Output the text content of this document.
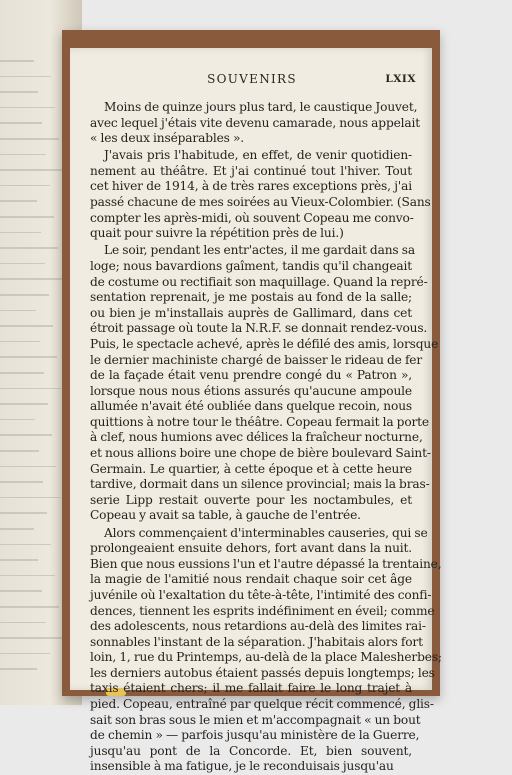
SOUVENIRS	LXIX
Moins de quinze jours plus tard, le caustique Jouvet,
avec lequel j'étais vite devenu camarade, nous appelait
« les deux inséparables ».
J'avais pris l'habitude, en effet, de venir quotidien-
nement au théâtre. Et j'ai continué tout l'hiver. Tout
cet hiver de 1914, à de très rares exceptions près, j'ai
passé chacune de mes soirées au Vieux-Colombier. (Sans
compter les après-midi, où souvent Copeau me convo-
quait pour suivre la répétition près de lui.)
Le soir, pendant les entr'actes, il me gardait dans sa
loge; nous bavardions gaîment, tandis qu'il changeait
de costume ou rectifiait son maquillage. Quand la repré-
sentation reprenait, je me postais au fond de la salle;
ou bien je m'installais auprès de Gallimard, dans cet
étroit passage où toute la N.R.F. se donnait rendez-vous.
Puis, le spectacle achevé, après le défilé des amis, lorsque
le dernier machiniste chargé de baisser le rideau de fer
de la façade était venu prendre congé du « Patron »,
lorsque nous nous étions assurés qu'aucune ampoule
allumée n'avait été oubliée dans quelque recoin, nous
quittions à notre tour le théâtre. Copeau fermait la porte
à clef, nous humions avec délices la fraîcheur nocturne,
et nous allions boire une chope de bière boulevard Saint-
Germain. Le quartier, à cette époque et à cette heure
tardive, dormait dans un silence provincial; mais la bras-
serie Lipp restait ouverte pour les noctambules, et
Copeau y avait sa table, à gauche de l'entrée.
Alors commençaient d'interminables causeries, qui se
prolongeaient ensuite dehors, fort avant dans la nuit.
Bien que nous eussions l'un et l'autre dépassé la trentaine,
la magie de l'amitié nous rendait chaque soir cet âge
juvénile où l'exaltation du tête-à-tête, l'intimité des confi-
dences, tiennent les esprits indéfiniment en éveil; comme
des adolescents, nous retardions au-delà des limites rai-
sonnables l'instant de la séparation. J'habitais alors fort
loin, 1, rue du Printemps, au-delà de la place Malesherbes;
les derniers autobus étaient passés depuis longtemps; les
taxis étaient chers; il me fallait faire le long trajet à
pied. Copeau, entraîné par quelque récit commencé, glis-
sait son bras sous le mien et m'accompagnait « un bout
de chemin » — parfois jusqu'au ministère de la Guerre,
jusqu'au pont de la Concorde. Et, bien souvent,
insensible à ma fatigue, je le reconduisais jusqu'au
